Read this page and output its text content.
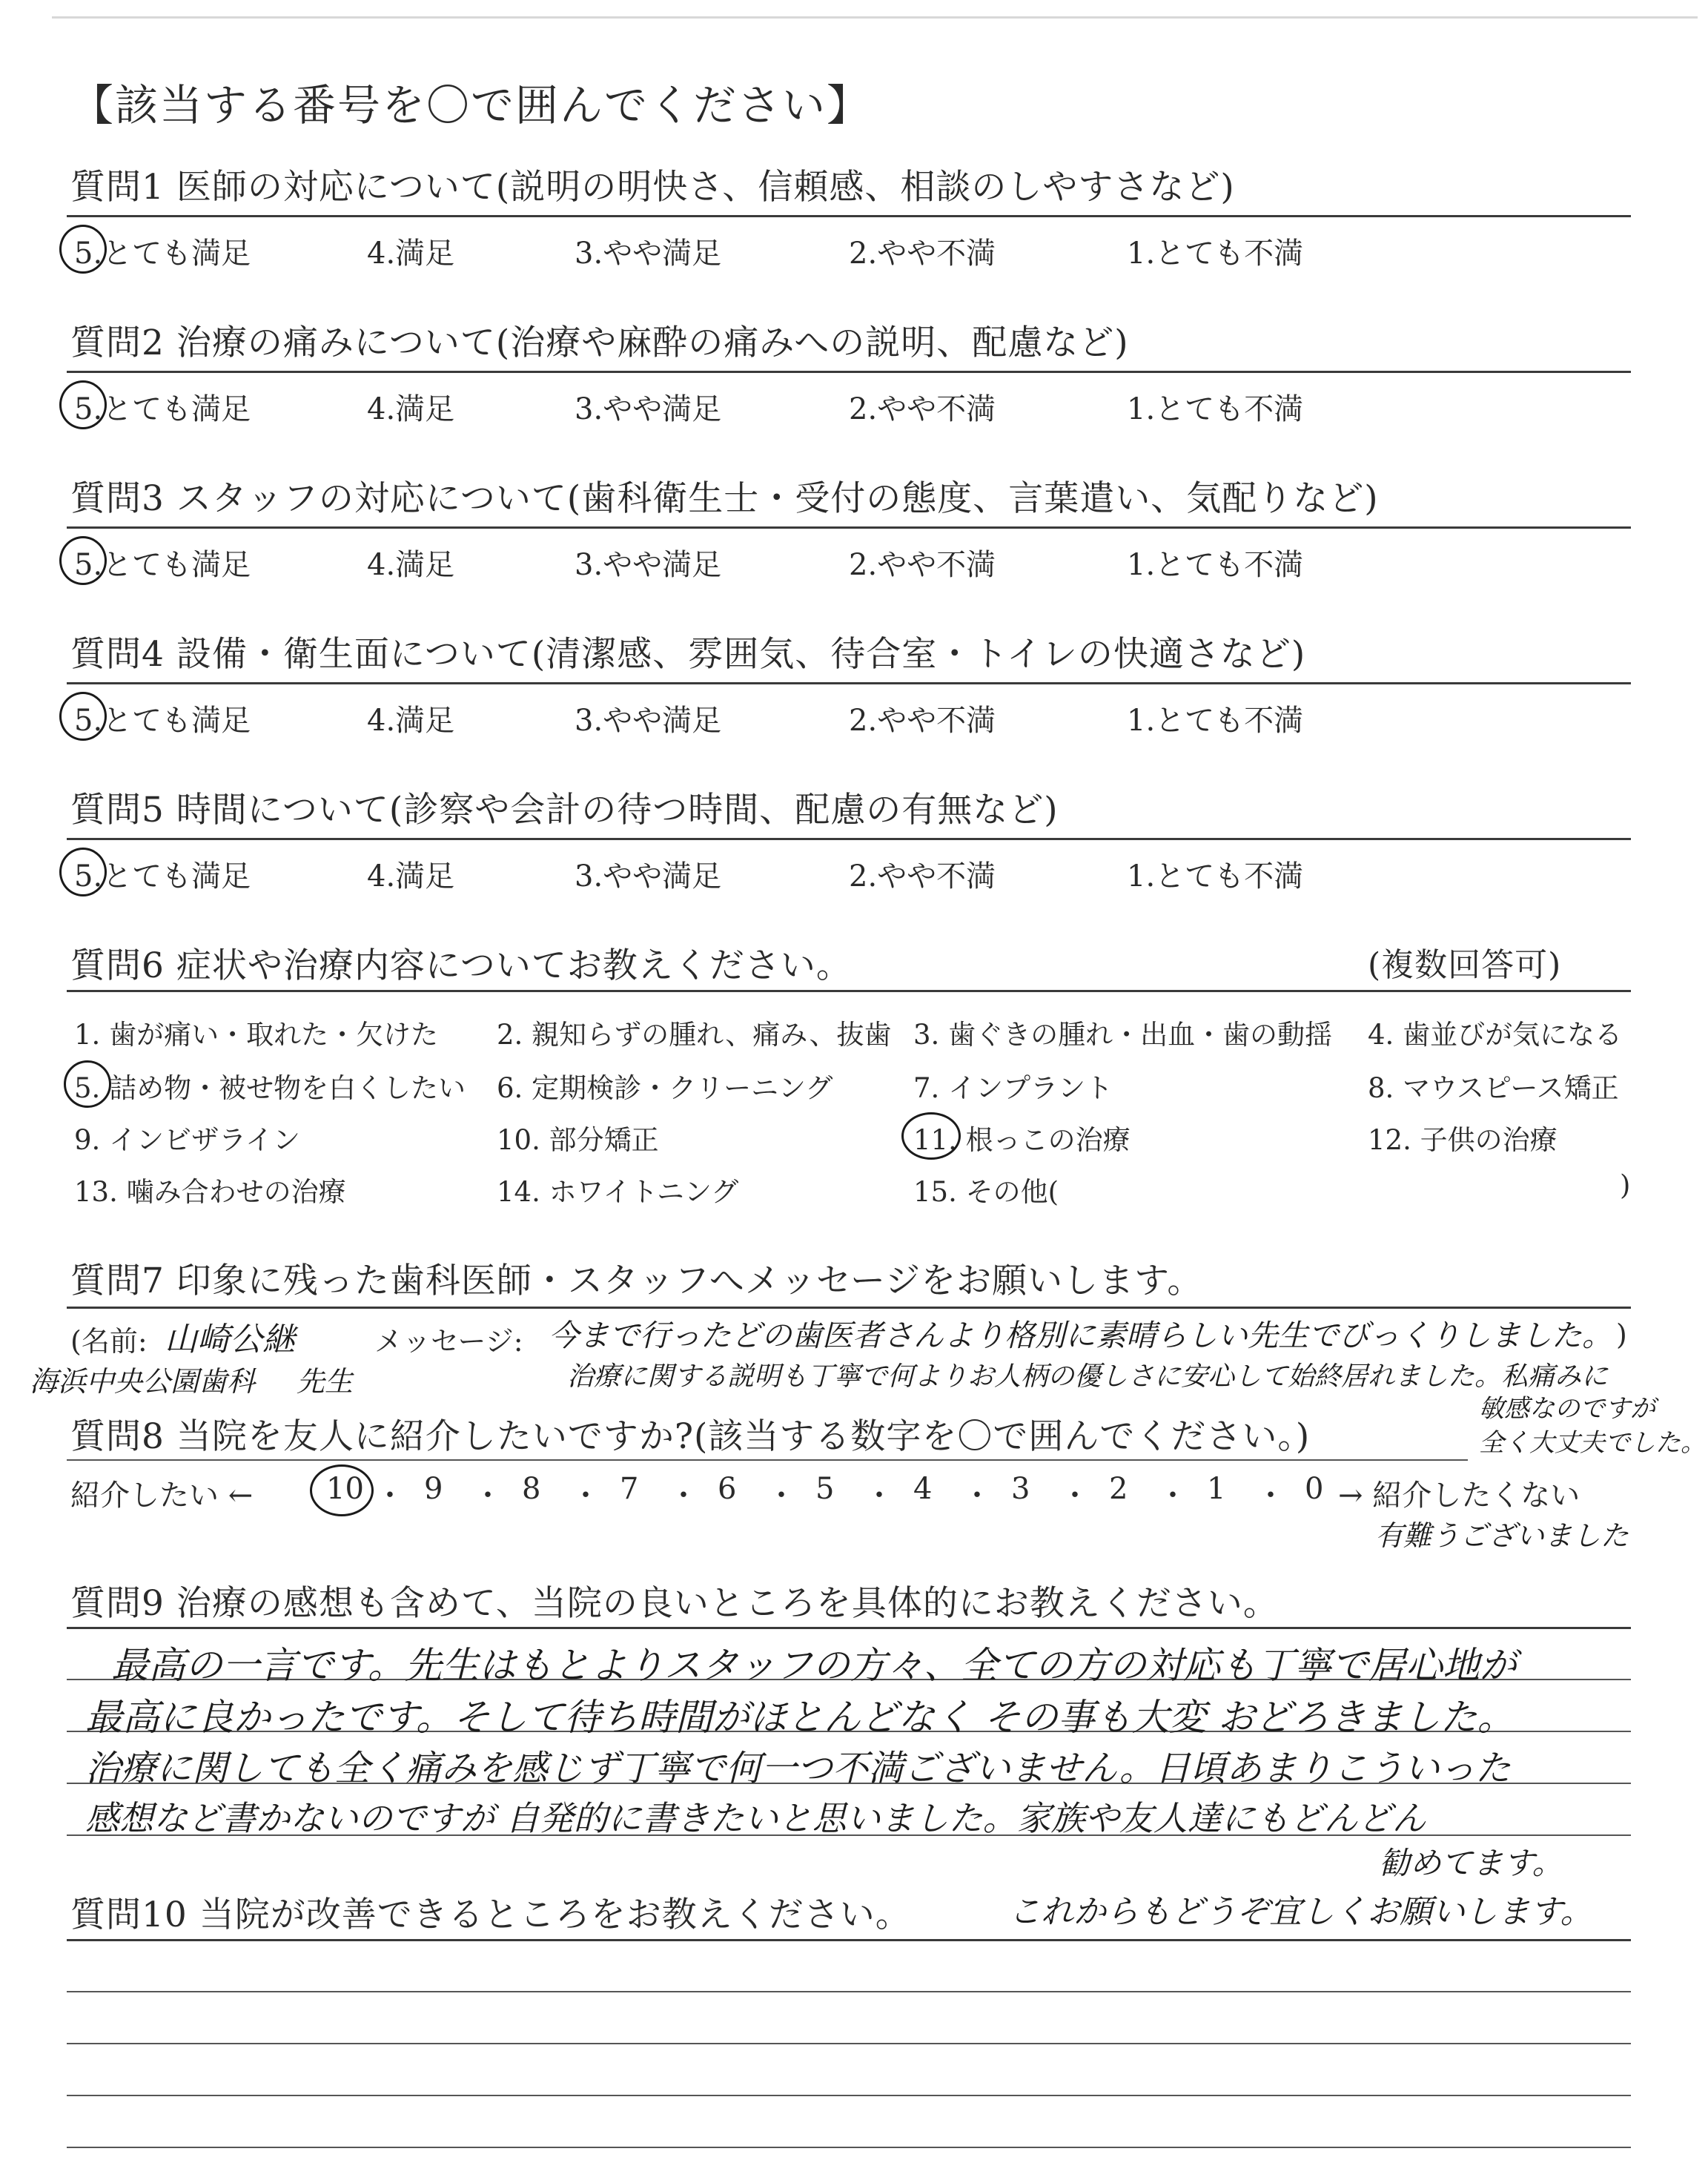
【該当する番号を〇で囲んでください】
質問1 医師の対応について(説明の明快さ、信頼感、相談のしやすさなど)
5.とても満足	4.満足	3.やや満足	2.やや不満	1.とても不満
質問2 治療の痛みについて(治療や麻酔の痛みへの説明、配慮など)
5.とても満足	4.満足	3.やや満足	2.やや不満	1.とても不満
質問3 スタッフの対応について(歯科衛生士・受付の態度、言葉遣い、気配りなど)
5.とても満足	4.満足	3.やや満足	2.やや不満	1.とても不満
質問4 設備・衛生面について(清潔感、雰囲気、待合室・トイレの快適さなど)
5.とても満足	4.満足	3.やや満足	2.やや不満	1.とても不満
質問5 時間について(診察や会計の待つ時間、配慮の有無など)
5.とても満足	4.満足	3.やや満足	2.やや不満	1.とても不満
質問6 症状や治療内容についてお教えください。	(複数回答可)
1. 歯が痛い・取れた・欠けた 2. 親知らずの腫れ、痛み、抜歯 3. 歯ぐきの腫れ・出血・歯の動揺 4. 歯並びが気になる
5. 詰め物・被せ物を白くしたい 6. 定期検診・クリーニング	7. インプラント	8. マウスピース矯正
9. インビザライン	10. 部分矯正	11. 根っこの治療	12. 子供の治療
13. 噛み合わせの治療	14. ホワイトニング	15. その他(	)
質問7 印象に残った歯科医師・スタッフへメッセージをお願いします。
(名前: 山崎公継	メッセージ: 今まで行ったどの歯医者さんより格別に素晴らしい先生でびっくりしました。 )
海浜中央公園歯科 先生	治療に関する説明も丁寧で何よりお人柄の優しさに安心して始終居れました。私痛みに
敏感なのですが
全く大丈夫でした。
質問8 当院を友人に紹介したいですか?(該当する数字を〇で囲んでください。)
紹介したい ← 10 ・ 9 ・ 8 ・ 7 ・ 6 ・ 5 ・ 4 ・ 3 ・ 2 ・ 1 ・ 0 → 紹介したくない
有難うございました
質問9 治療の感想も含めて、当院の良いところを具体的にお教えください。
最高の一言です。先生はもとよりスタッフの方々、全ての方の対応も丁寧で居心地が
最高に良かったです。そして待ち時間がほとんどなく その事も大変 おどろきました。
治療に関しても全く痛みを感じず丁寧で何一つ不満ございません。日頃あまりこういった
感想など書かないのですが 自発的に書きたいと思いました。家族や友人達にもどんどん
勧めてます。
質問10 当院が改善できるところをお教えください。	これからもどうぞ宜しくお願いします。
